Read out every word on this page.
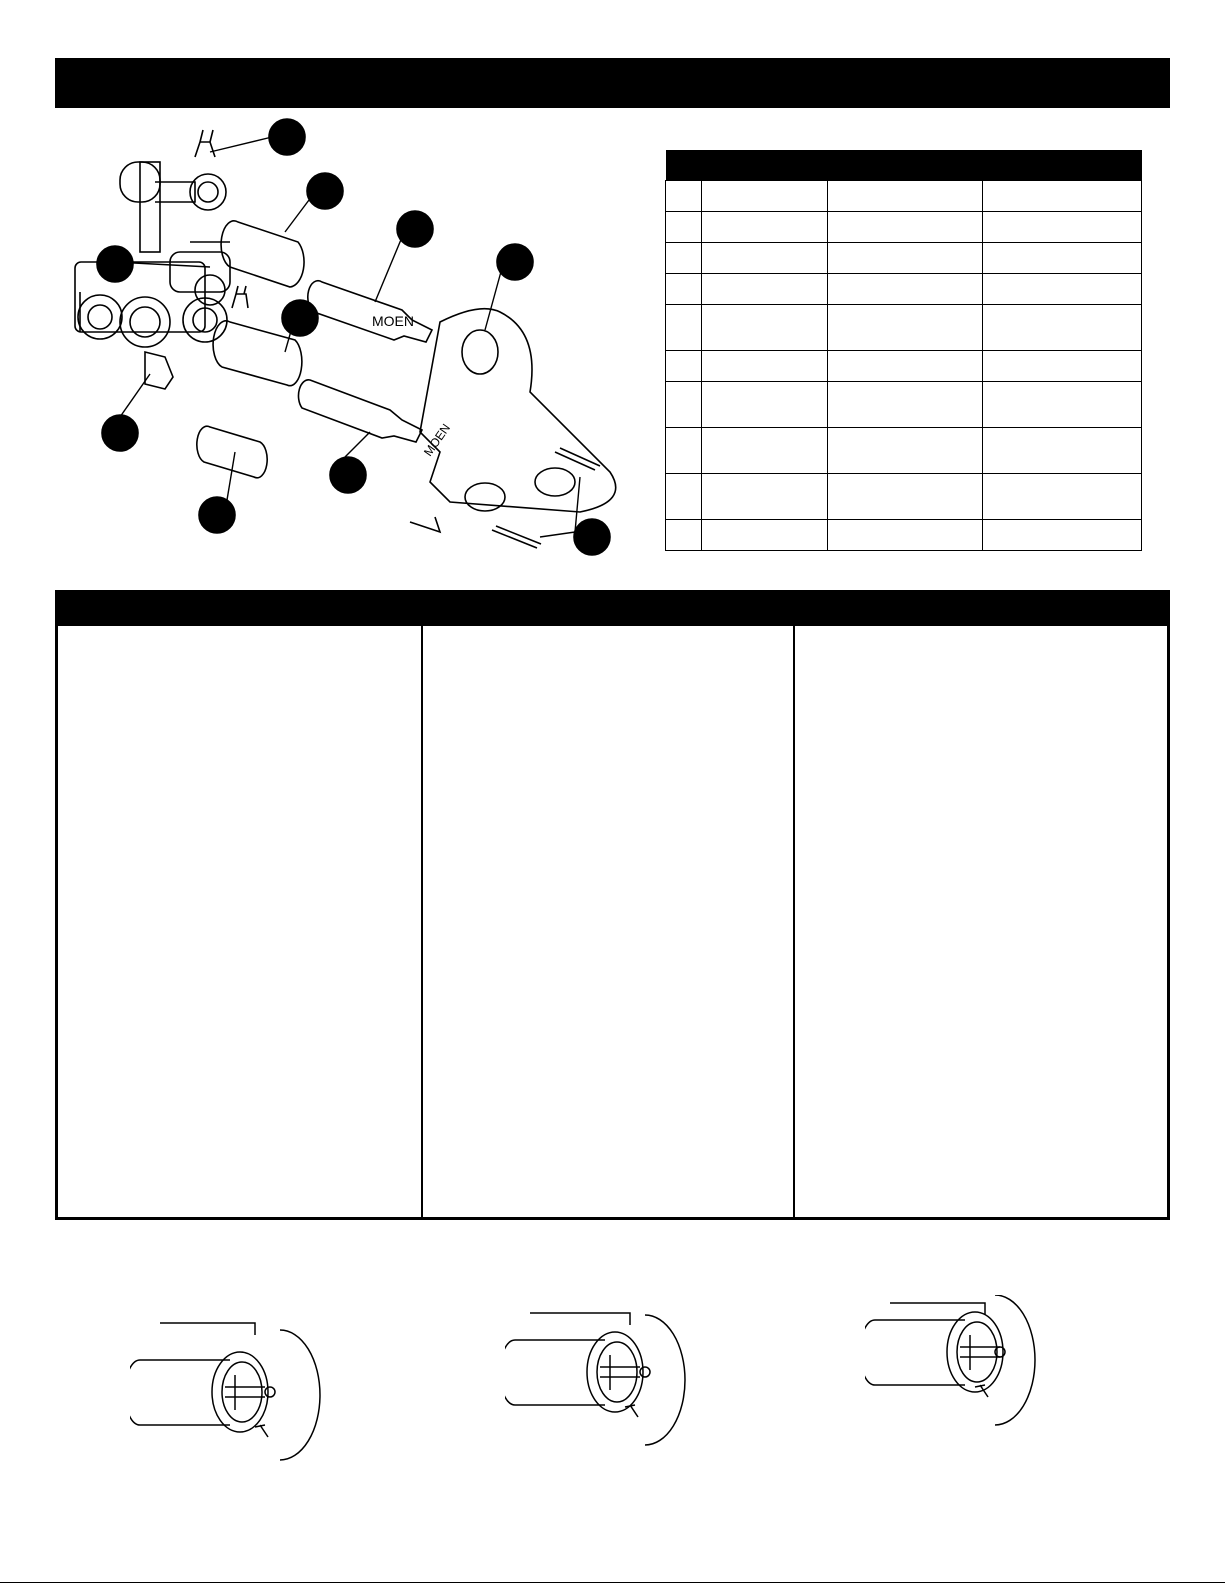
MOEN
MOEN
